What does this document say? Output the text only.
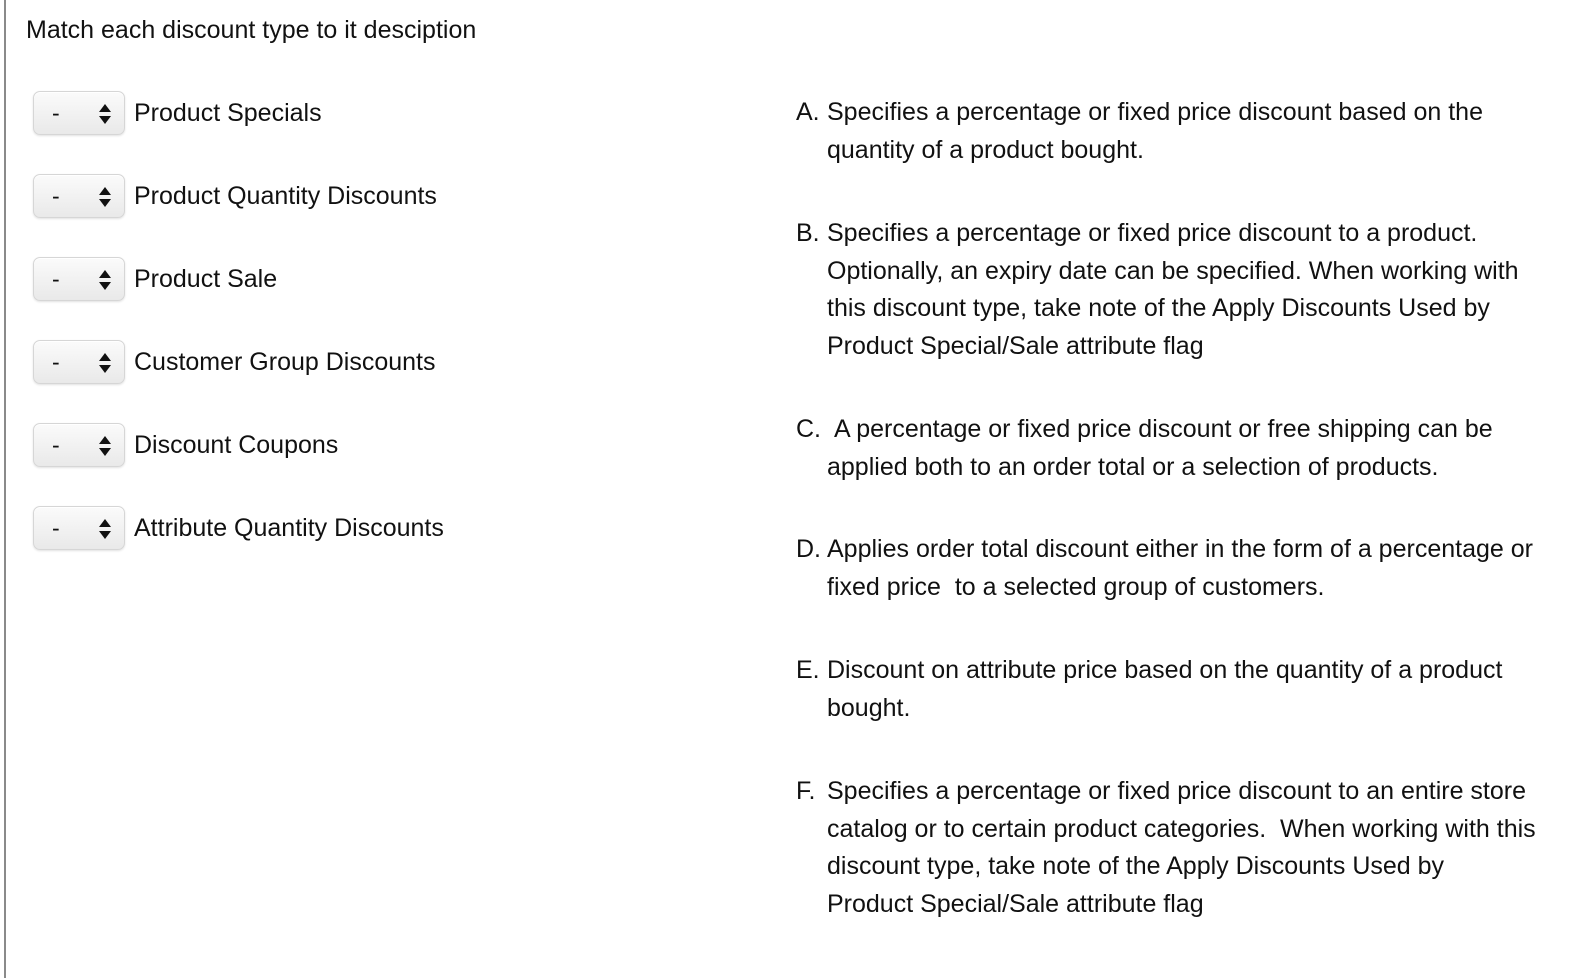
Match each discount type to it desciption
-	Product Specials
-	Product Quantity Discounts
-	Product Sale
-	Customer Group Discounts
-	Discount Coupons
-	Attribute Quantity Discounts
A. Specifies a percentage or fixed price discount based on the quantity of a product bought.
B. Specifies a percentage or fixed price discount to a product. Optionally, an expiry date can be specified. When working with this discount type, take note of the Apply Discounts Used by Product Special/Sale attribute flag
C. A percentage or fixed price discount or free shipping can be applied both to an order total or a selection of products.
D. Applies order total discount either in the form of a percentage or fixed price  to a selected group of customers.
E. Discount on attribute price based on the quantity of a product bought.
F. Specifies a percentage or fixed price discount to an entire store catalog or to certain product categories.  When working with this discount type, take note of the Apply Discounts Used by Product Special/Sale attribute flag
